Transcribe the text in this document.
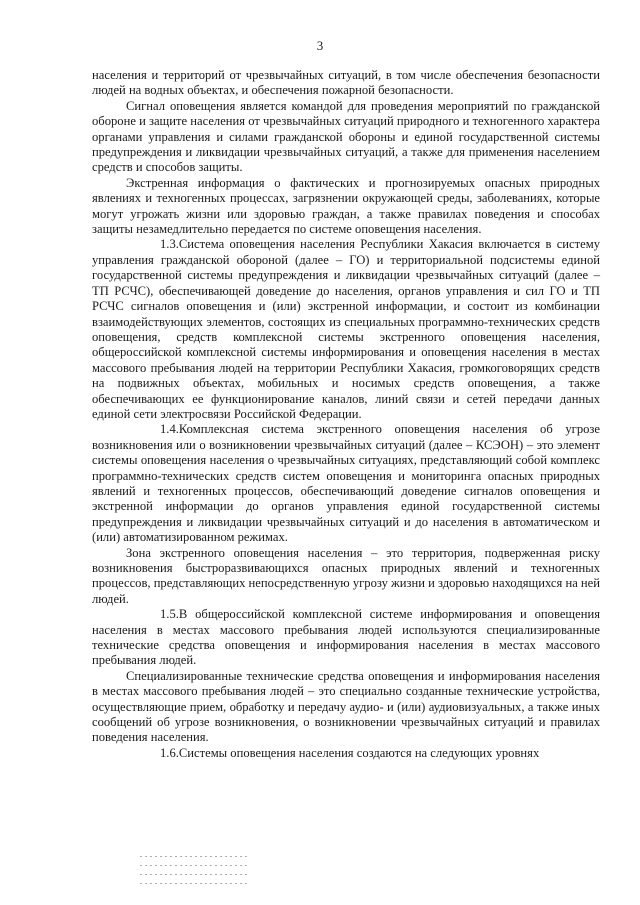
3

населения и территорий от чрезвычайных ситуаций, в том числе обеспечения безопасности людей на водных объектах, и обеспечения пожарной безопасности.

Сигнал оповещения является командой для проведения мероприятий по гражданской обороне и защите населения от чрезвычайных ситуаций природного и техногенного характера органами управления и силами гражданской обороны и единой государственной системы предупреждения и ликвидации чрезвычайных ситуаций, а также для применения населением средств и способов защиты.

Экстренная информация о фактических и прогнозируемых опасных природных явлениях и техногенных процессах, загрязнении окружающей среды, заболеваниях, которые могут угрожать жизни или здоровью граждан, а также правилах поведения и способах защиты незамедлительно передается по системе оповещения населения.

1.3.Система оповещения населения Республики Хакасия включается в систему управления гражданской обороной (далее – ГО) и территориальной подсистемы единой государственной системы предупреждения и ликвидации чрезвычайных ситуаций (далее – ТП РСЧС), обеспечивающей доведение до населения, органов управления и сил ГО и ТП РСЧС сигналов оповещения и (или) экстренной информации, и состоит из комбинации взаимодействующих элементов, состоящих из специальных программно-технических средств оповещения, средств комплексной системы экстренного оповещения населения, общероссийской комплексной системы информирования и оповещения населения в местах массового пребывания людей на территории Республики Хакасия, громкоговорящих средств на подвижных объектах, мобильных и носимых средств оповещения, а также обеспечивающих ее функционирование каналов, линий связи и сетей передачи данных единой сети электросвязи Российской Федерации.

1.4.Комплексная система экстренного оповещения населения об угрозе возникновения или о возникновении чрезвычайных ситуаций (далее – КСЭОН) – это элемент системы оповещения населения о чрезвычайных ситуациях, представляющий собой комплекс программно-технических средств систем оповещения и мониторинга опасных природных явлений и техногенных процессов, обеспечивающий доведение сигналов оповещения и экстренной информации до органов управления единой государственной системы предупреждения и ликвидации чрезвычайных ситуаций и до населения в автоматическом и (или) автоматизированном режимах.

Зона экстренного оповещения населения – это территория, подверженная риску возникновения быстроразвивающихся опасных природных явлений и техногенных процессов, представляющих непосредственную угрозу жизни и здоровью находящихся на ней людей.

1.5.В общероссийской комплексной системе информирования и оповещения населения в местах массового пребывания людей используются специализированные технические средства оповещения и информирования населения в местах массового пребывания людей.

Специализированные технические средства оповещения и информирования населения в местах массового пребывания людей – это специально созданные технические устройства, осуществляющие прием, обработку и передачу аудио- и (или) аудиовизуальных, а также иных сообщений об угрозе возникновения, о возникновении чрезвычайных ситуаций и правилах поведения населения.

1.6.Системы оповещения населения создаются на следующих уровнях
